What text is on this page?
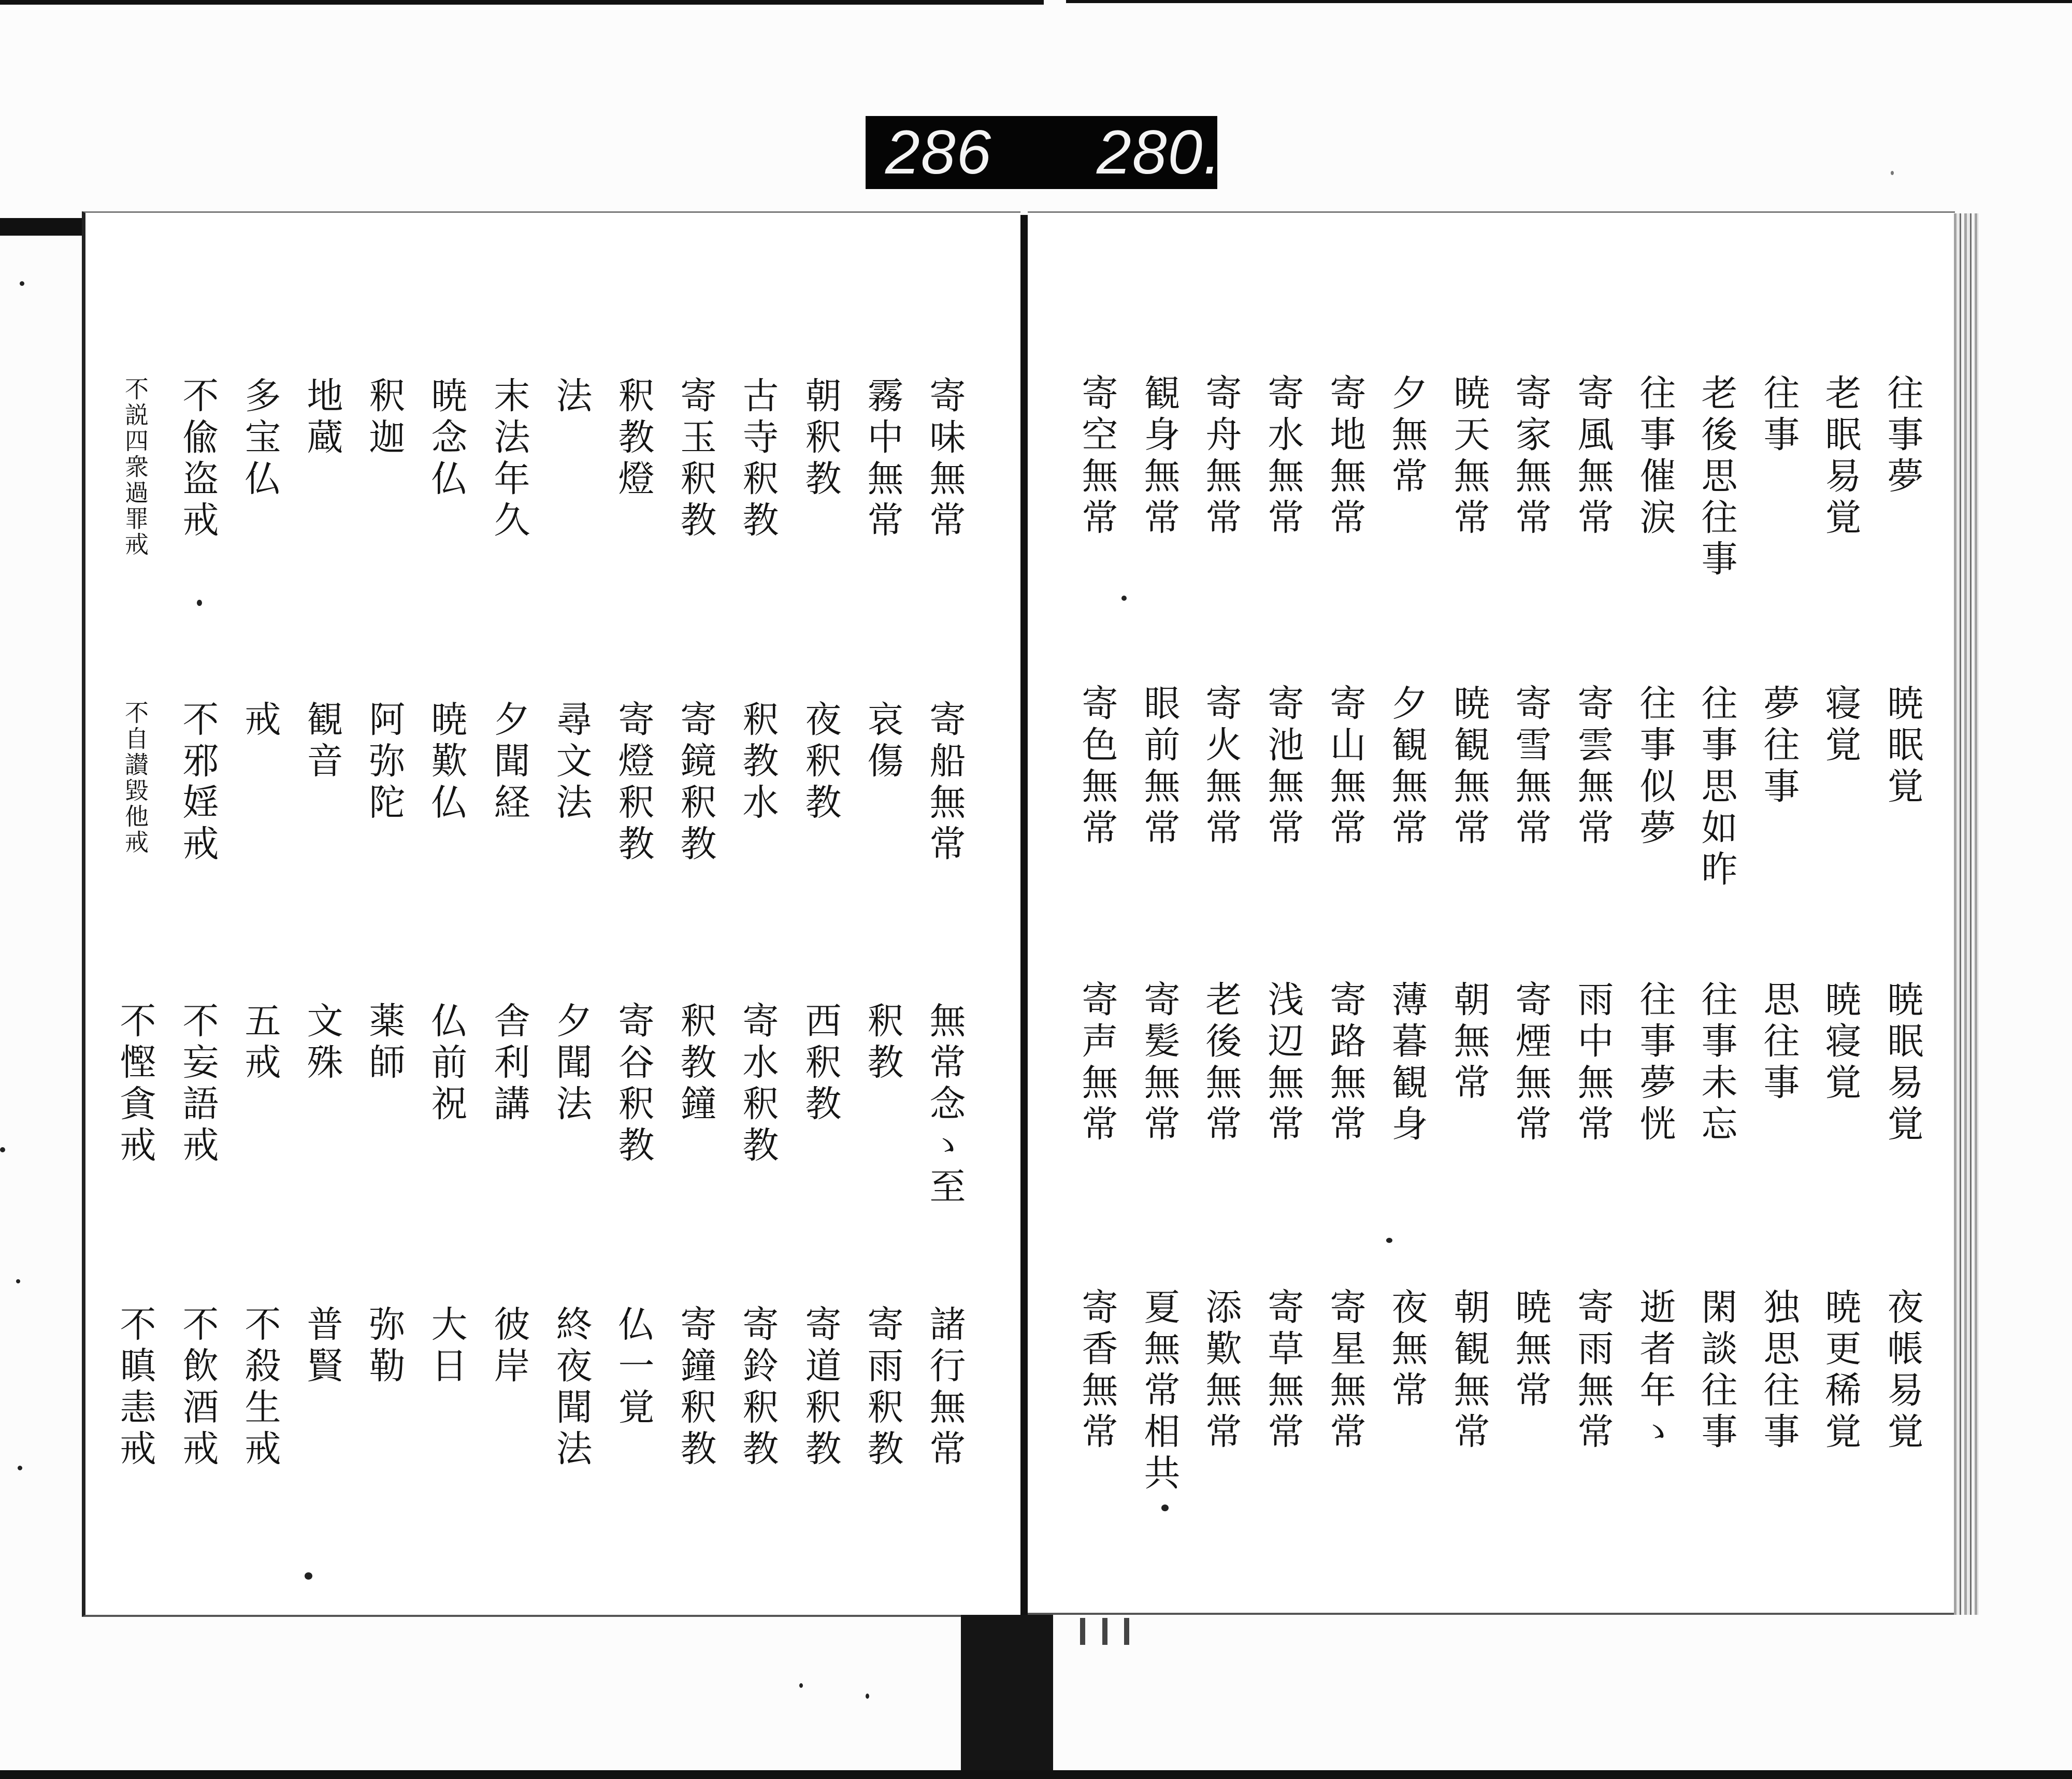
286 280.
往事夢
老眠易覚
往事
老後思往事
往事催涙
寄風無常
寄家無常
暁天無常
夕無常
寄地無常
寄水無常
寄舟無常
観身無常
寄空無常
暁眠覚
寝覚
夢往事
往事思如昨
往事似夢
寄雲無常
寄雪無常
暁観無常
夕観無常
寄山無常
寄池無常
寄火無常
眼前無常
寄色無常
暁眠易覚
暁寝覚
思往事
往事未忘
往事夢恍
雨中無常
寄煙無常
朝無常
薄暮観身
寄路無常
浅辺無常
老後無常
寄髪無常
寄声無常
夜帳易覚
暁更稀覚
独思往事
閑談往事
逝者年ゝ
寄雨無常
暁無常
朝観無常
夜無常
寄星無常
寄草無常
添歎無常
夏無常相共
寄香無常
寄味無常
霧中無常
朝釈教
古寺釈教
寄玉釈教
釈教燈
法
末法年久
暁念仏
釈迦
地蔵
多宝仏
不偸盗戒
不説四衆過罪戒
寄船無常
哀傷
夜釈教
釈教水
寄鏡釈教
寄燈釈教
尋文法
夕聞経
暁歎仏
阿弥陀
観音
戒
不邪婬戒
不自讃毀他戒
無常念ゝ至
釈教
西釈教
寄水釈教
釈教鐘
寄谷釈教
夕聞法
舎利講
仏前祝
薬師
文殊
五戒
不妄語戒
不慳貪戒
諸行無常
寄雨釈教
寄道釈教
寄鈴釈教
寄鐘釈教
仏一覚
終夜聞法
彼岸
大日
弥勒
普賢
不殺生戒
不飲酒戒
不瞋恚戒
